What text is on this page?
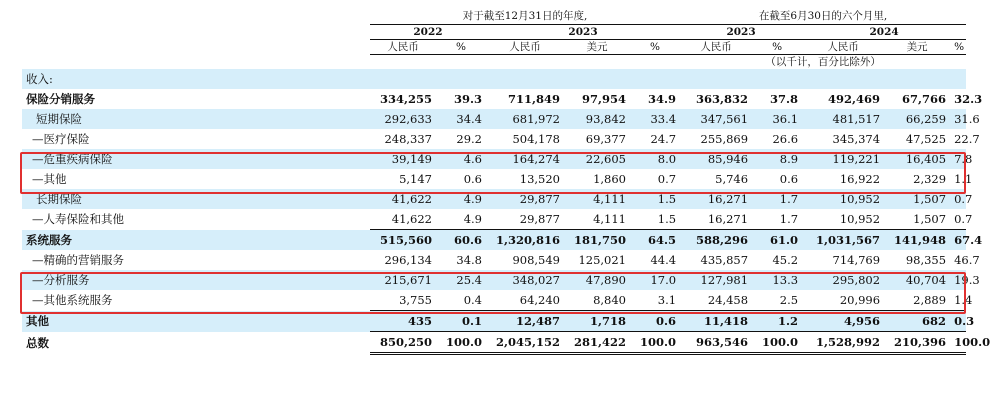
	对于截至12月31日的年度,					在截至6月30日的六个月里,				
	2022		2023			2023		2024		
	人民币	%	人民币	美元	%	人民币	%	人民币	美元	%
						（以千计，百分比除外）				
收入:										
保险分销服务	334,255	39.3	711,849	97,954	34.9	363,832	37.8	492,469	67,766	32.3
短期保险	292,633	34.4	681,972	93,842	33.4	347,561	36.1	481,517	66,259	31.6
—医疗保险	248,337	29.2	504,178	69,377	24.7	255,869	26.6	345,374	47,525	22.7
—危重疾病保险	39,149	4.6	164,274	22,605	8.0	85,946	8.9	119,221	16,405	7.8
—其他	5,147	0.6	13,520	1,860	0.7	5,746	0.6	16,922	2,329	1.1
长期保险	41,622	4.9	29,877	4,111	1.5	16,271	1.7	10,952	1,507	0.7
—人寿保险和其他	41,622	4.9	29,877	4,111	1.5	16,271	1.7	10,952	1,507	0.7
系统服务	515,560	60.6	1,320,816	181,750	64.5	588,296	61.0	1,031,567	141,948	67.4
—精确的营销服务	296,134	34.8	908,549	125,021	44.4	435,857	45.2	714,769	98,355	46.7
—分析服务	215,671	25.4	348,027	47,890	17.0	127,981	13.3	295,802	40,704	19.3
—其他系统服务	3,755	0.4	64,240	8,840	3.1	24,458	2.5	20,996	2,889	1.4
其他	435	0.1	12,487	1,718	0.6	11,418	1.2	4,956	682	0.3
总数	850,250	100.0	2,045,152	281,422	100.0	963,546	100.0	1,528,992	210,396	100.0
